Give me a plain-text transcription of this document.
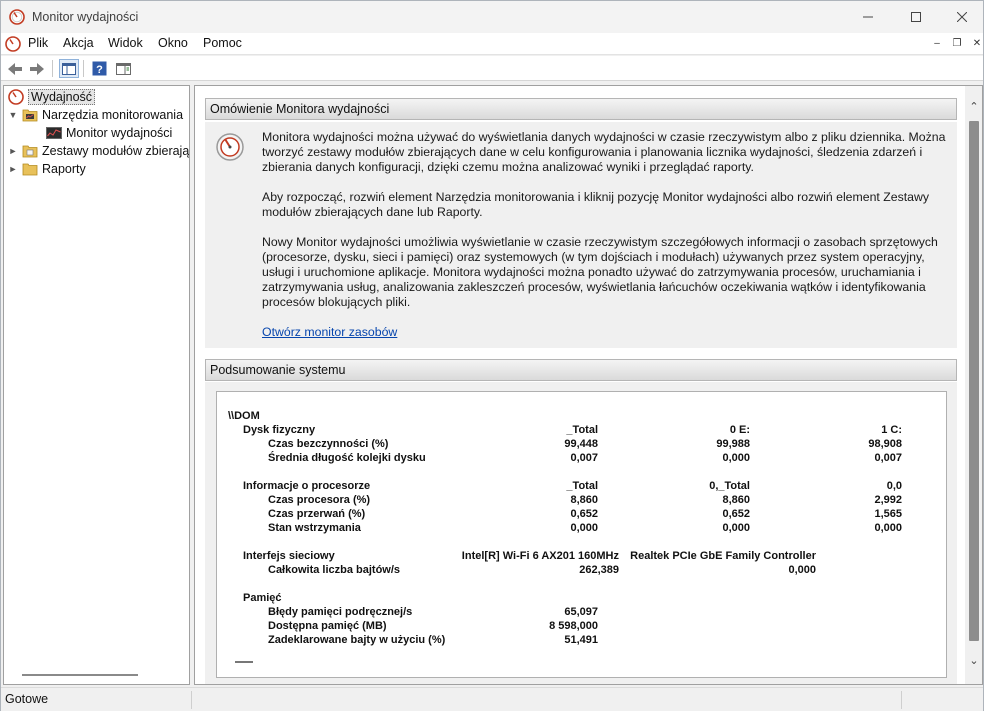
Monitor wydajności
Plik Akcja Widok Okno Pomoc	–	❐	✕
?
Wydajność
▼ Narzędzia monitorowania
Monitor wydajności
► Zestawy modułów zbierają
► Raporty
Omówienie Monitora wydajności

Monitora wydajności można używać do wyświetlania danych wydajności w czasie rzeczywistym albo z pliku dziennika. Można tworzyć zestawy modułów zbierających dane w celu konfigurowania i planowania licznika wydajności, śledzenia zdarzeń i zbierania danych konfiguracji, dzięki czemu można analizować wyniki i przeglądać raporty.

Aby rozpocząć, rozwiń element Narzędzia monitorowania i kliknij pozycję Monitor wydajności albo rozwiń element Zestawy modułów zbierających dane lub Raporty.

Nowy Monitor wydajności umożliwia wyświetlanie w czasie rzeczywistym szczegółowych informacji o zasobach sprzętowych (procesorze, dysku, sieci i pamięci) oraz systemowych (w tym dojściach i modułach) używanych przez system operacyjny, usługi i uruchomione aplikacje. Monitora wydajności można ponadto używać do zatrzymywania procesów, uruchamiania i zatrzymywania usług, analizowania zakleszczeń procesów, wyświetlania łańcuchów oczekiwania wątków i identyfikowania procesów blokujących pliki.

Otwórz monitor zasobów

Podsumowanie systemu
\\DOM
Dysk fizyczny	_Total	0 E:	1 C:
Czas bezczynności (%)	99,448	99,988	98,908
Średnia długość kolejki dysku	0,007	0,000	0,007
Informacje o procesorze	_Total	0,_Total	0,0
Czas procesora (%)	8,860	8,860	2,992
Czas przerwań (%)	0,652	0,652	1,565
Stan wstrzymania	0,000	0,000	0,000
Interfejs sieciowy	Intel[R] Wi-Fi 6 AX201 160MHz	Realtek PCIe GbE Family Controller
Całkowita liczba bajtów/s	262,389	0,000
Pamięć
Błędy pamięci podręcznej/s	65,097
Dostępna pamięć (MB)	8 598,000
Zadeklarowane bajty w użyciu (%)	51,491
⌃
⌄
Gotowe
